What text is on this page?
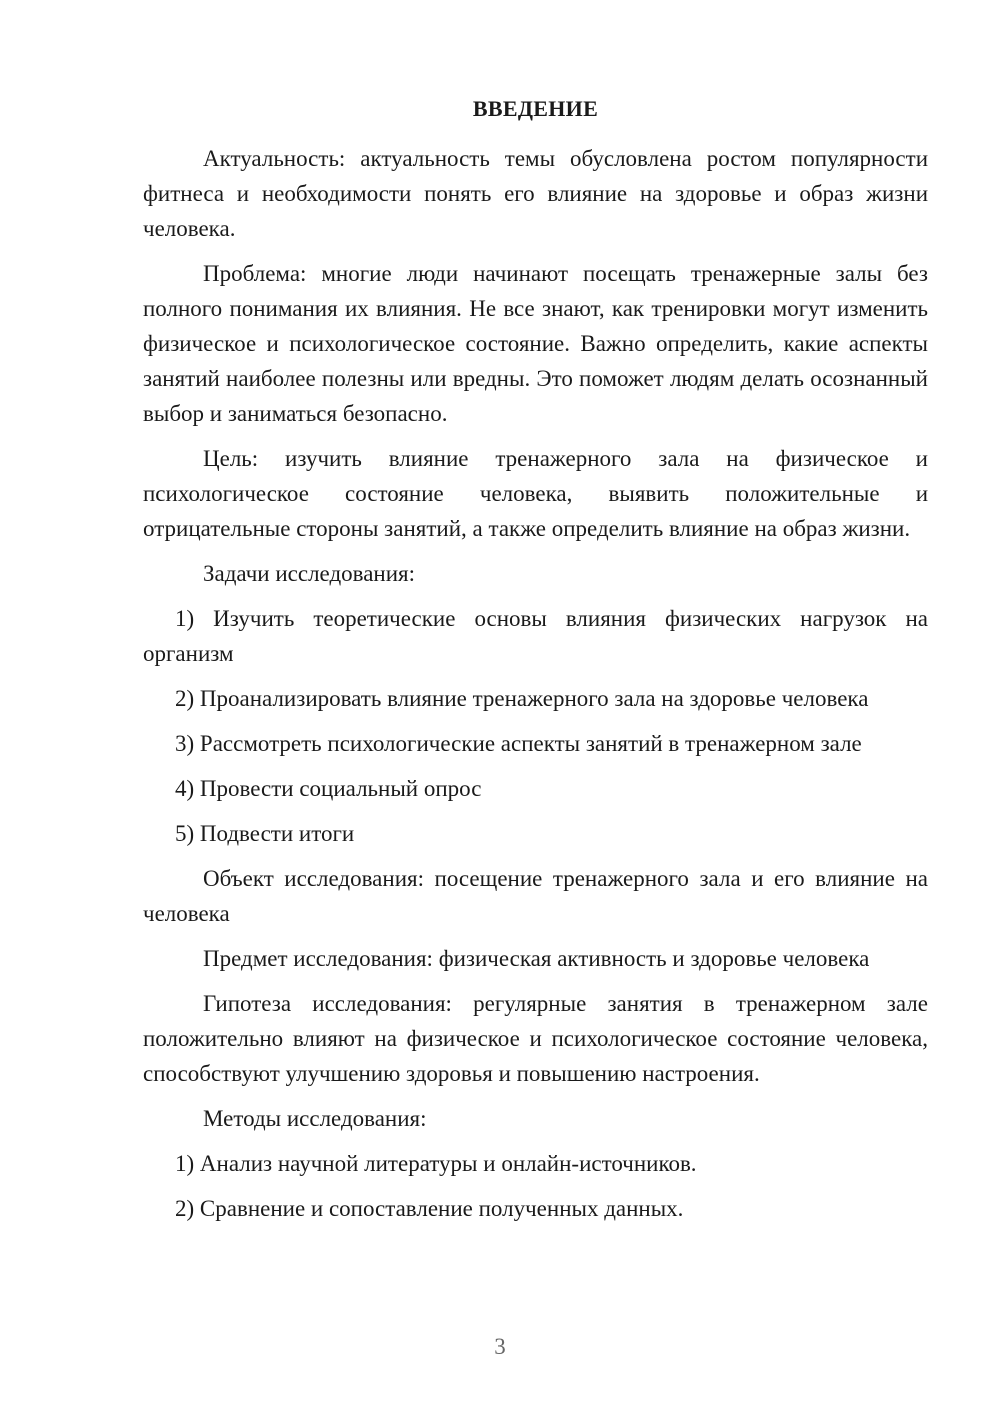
ВВЕДЕНИЕ

Актуальность: актуальность темы обусловлена ростом популярности фитнеса и необходимости понять его влияние на здоровье и образ жизни человека.

Проблема: многие люди начинают посещать тренажерные залы без полного понимания их влияния. Не все знают, как тренировки могут изменить физическое и психологическое состояние. Важно определить, какие аспекты занятий наиболее полезны или вредны. Это поможет людям делать осознанный выбор и заниматься безопасно.

Цель: изучить влияние тренажерного зала на физическое и психологическое состояние человека, выявить положительные и отрицательные стороны занятий, а также определить влияние на образ жизни.

Задачи исследования:

1) Изучить теоретические основы влияния физических нагрузок на организм

2) Проанализировать влияние тренажерного зала на здоровье человека

3) Рассмотреть психологические аспекты занятий в тренажерном зале

4) Провести социальный опрос

5) Подвести итоги

Объект исследования: посещение тренажерного зала и его влияние на человека

Предмет исследования: физическая активность и здоровье человека

Гипотеза исследования: регулярные занятия в тренажерном зале положительно влияют на физическое и психологическое состояние человека, способствуют улучшению здоровья и повышению настроения.

Методы исследования:

1) Анализ научной литературы и онлайн-источников.

2) Сравнение и сопоставление полученных данных.

3
